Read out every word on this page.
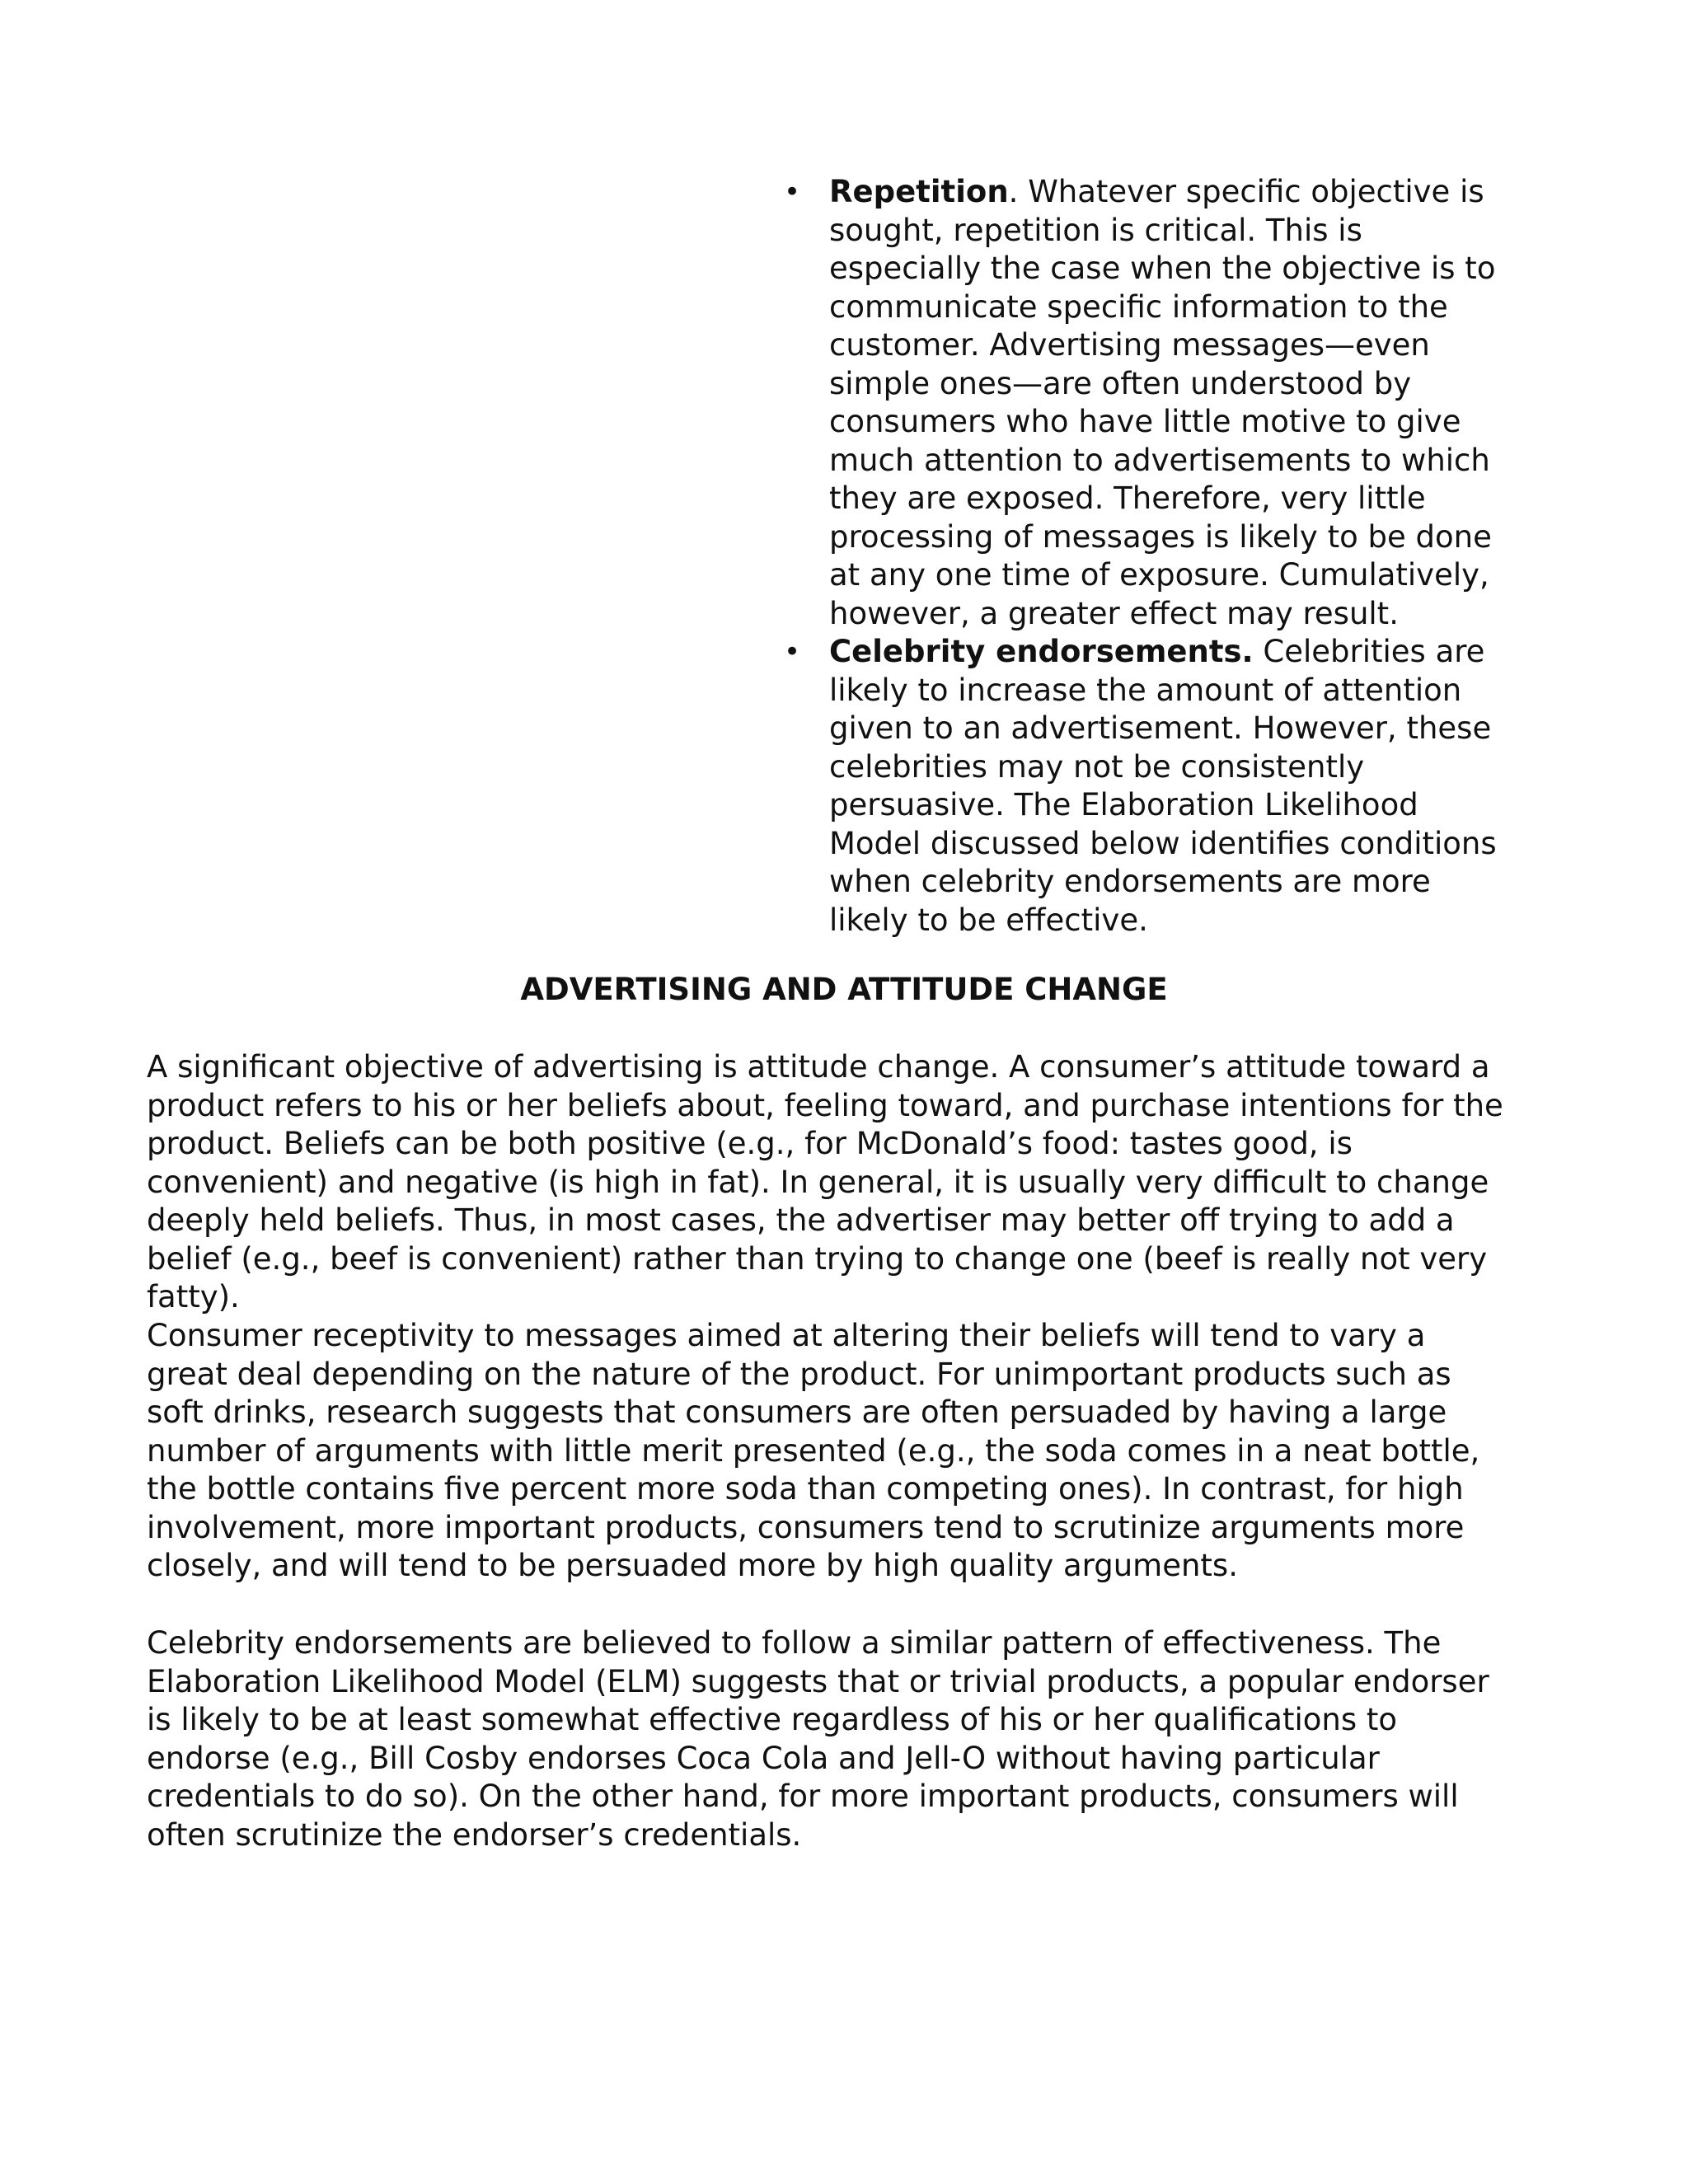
• Repetition. Whatever specific objective is sought, repetition is critical. This is especially the case when the objective is to communicate specific information to the customer. Advertising messages—even simple ones—are often understood by consumers who have little motive to give much attention to advertisements to which they are exposed. Therefore, very little processing of messages is likely to be done at any one time of exposure. Cumulatively, however, a greater effect may result.
• Celebrity endorsements. Celebrities are likely to increase the amount of attention given to an advertisement. However, these celebrities may not be consistently persuasive. The Elaboration Likelihood Model discussed below identifies conditions when celebrity endorsements are more likely to be effective.
ADVERTISING AND ATTITUDE CHANGE

A significant objective of advertising is attitude change. A consumer’s attitude toward a product refers to his or her beliefs about, feeling toward, and purchase intentions for the product. Beliefs can be both positive (e.g., for McDonald’s food: tastes good, is convenient) and negative (is high in fat). In general, it is usually very difficult to change deeply held beliefs. Thus, in most cases, the advertiser may better off trying to add a belief (e.g., beef is convenient) rather than trying to change one (beef is really not very fatty).

Consumer receptivity to messages aimed at altering their beliefs will tend to vary a great deal depending on the nature of the product. For unimportant products such as soft drinks, research suggests that consumers are often persuaded by having a large number of arguments with little merit presented (e.g., the soda comes in a neat bottle, the bottle contains five percent more soda than competing ones). In contrast, for high involvement, more important products, consumers tend to scrutinize arguments more closely, and will tend to be persuaded more by high quality arguments.

Celebrity endorsements are believed to follow a similar pattern of effectiveness. The Elaboration Likelihood Model (ELM) suggests that or trivial products, a popular endorser is likely to be at least somewhat effective regardless of his or her qualifications to endorse (e.g., Bill Cosby endorses Coca Cola and Jell-O without having particular credentials to do so). On the other hand, for more important products, consumers will often scrutinize the endorser’s credentials.
